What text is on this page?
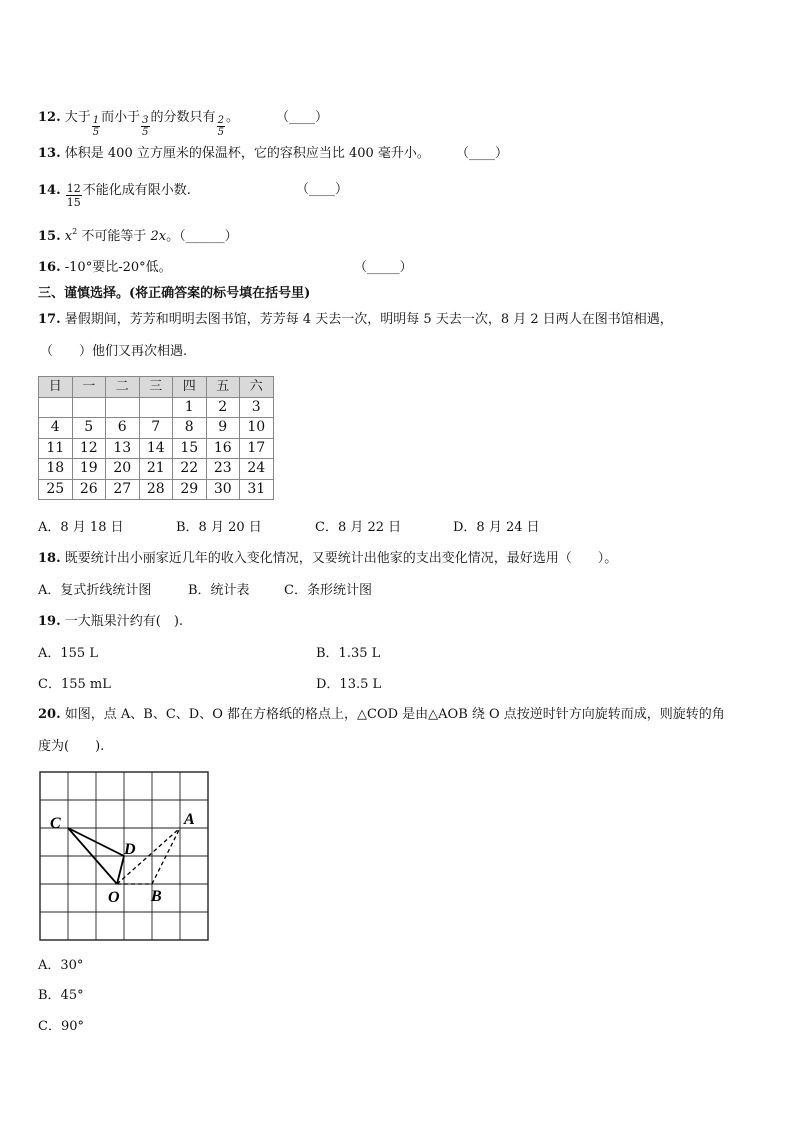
12. 大于 $\frac{1}{5}$ 而小于 $\frac{3}{5}$ 的分数只有 $\frac{2}{5}$ 。	（____）
13. 体积是 400 立方厘米的保温杯，它的容积应当比 400 毫升小。 （____）
14. $\frac{12}{15}$ 不能化成有限小数.	（____）
15. $x^2$ 不可能等于 2x。（______）
16. -10°要比-20°低。	（_____）
三、谨慎选择。(将正确答案的标号填在括号里)
17. 暑假期间，芳芳和明明去图书馆，芳芳每 4 天去一次，明明每 5 天去一次，8 月 2 日两人在图书馆相遇，
（　　）他们又再次相遇.
日	一	二	三	四	五	六
				1	2	3
4	5	6	7	8	9	10
11	12	13	14	15	16	17
18	19	20	21	22	23	24
25	26	27	28	29	30	31
A．8 月 18 日	B．8 月 20 日	C．8 月 22 日	D．8 月 24 日
18. 既要统计出小丽家近几年的收入变化情况，又要统计出他家的支出变化情况，最好选用（　　）。
A．复式折线统计图	B．统计表	C．条形统计图
19. 一大瓶果汁约有(　).
A．155 L	B．1.35 L
C．155 mL	D．13.5 L
20. 如图，点 A、B、C、D、O 都在方格纸的格点上，△COD 是由△AOB 绕 O 点按逆时针方向旋转而成，则旋转的角
度为(　　).
C	A
D
O B
A．30°
B．45°
C．90°
